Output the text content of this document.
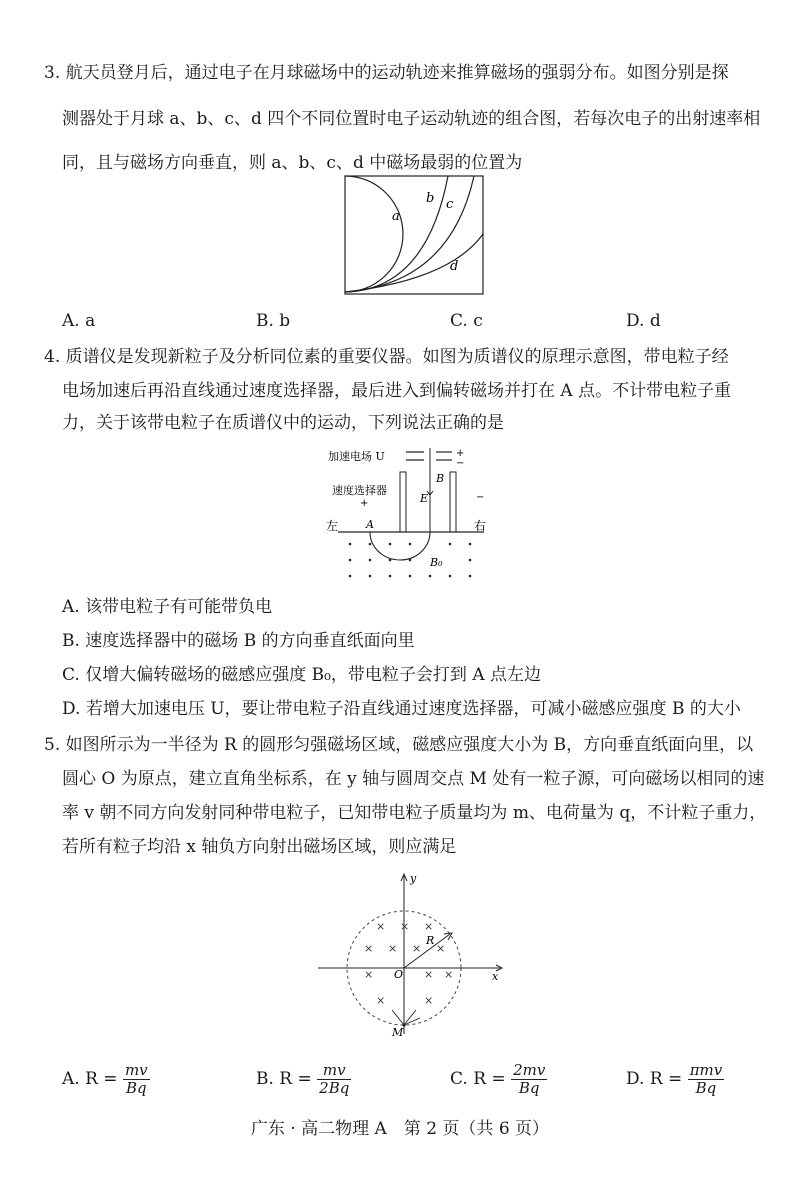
3. 航天员登月后，通过电子在月球磁场中的运动轨迹来推算磁场的强弱分布。如图分别是探
测器处于月球 a、b、c、d 四个不同位置时电子运动轨迹的组合图，若每次电子的出射速率相
同，且与磁场方向垂直，则 a、b、c、d 中磁场最弱的位置为
a
b c
d
A. a	B. b	C. c	D. d
4. 质谱仪是发现新粒子及分析同位素的重要仪器。如图为质谱仪的原理示意图，带电粒子经
电场加速后再沿直线通过速度选择器，最后进入到偏转磁场并打在 A 点。不计带电粒子重
力，关于该带电粒子在质谱仪中的运动，下列说法正确的是
加速电场 U	+
−
速度选择器
+	E
B
−
左	右
A
B₀
A. 该带电粒子有可能带负电
B. 速度选择器中的磁场 B 的方向垂直纸面向里
C. 仅增大偏转磁场的磁感应强度 B₀，带电粒子会打到 A 点左边
D. 若增大加速电压 U，要让带电粒子沿直线通过速度选择器，可减小磁感应强度 B 的大小
5. 如图所示为一半径为 R 的圆形匀强磁场区域，磁感应强度大小为 B，方向垂直纸面向里，以
圆心 O 为原点，建立直角坐标系，在 y 轴与圆周交点 M 处有一粒子源，可向磁场以相同的速
率 v 朝不同方向发射同种带电粒子，已知带电粒子质量均为 m、电荷量为 q，不计粒子重力，
若所有粒子均沿 x 轴负方向射出磁场区域，则应满足
x
y
R
O
M
× × ×
× × × ×
×	× ×
×	×
A. $R = \frac{mv}{Bq}$	B. $R = \frac{mv}{2Bq}$	C. $R = \frac{2mv}{Bq}$	D. $R = \frac{\text{πmv}}{Bq}$
广东 · 高二物理 A　第 2 页（共 6 页）
